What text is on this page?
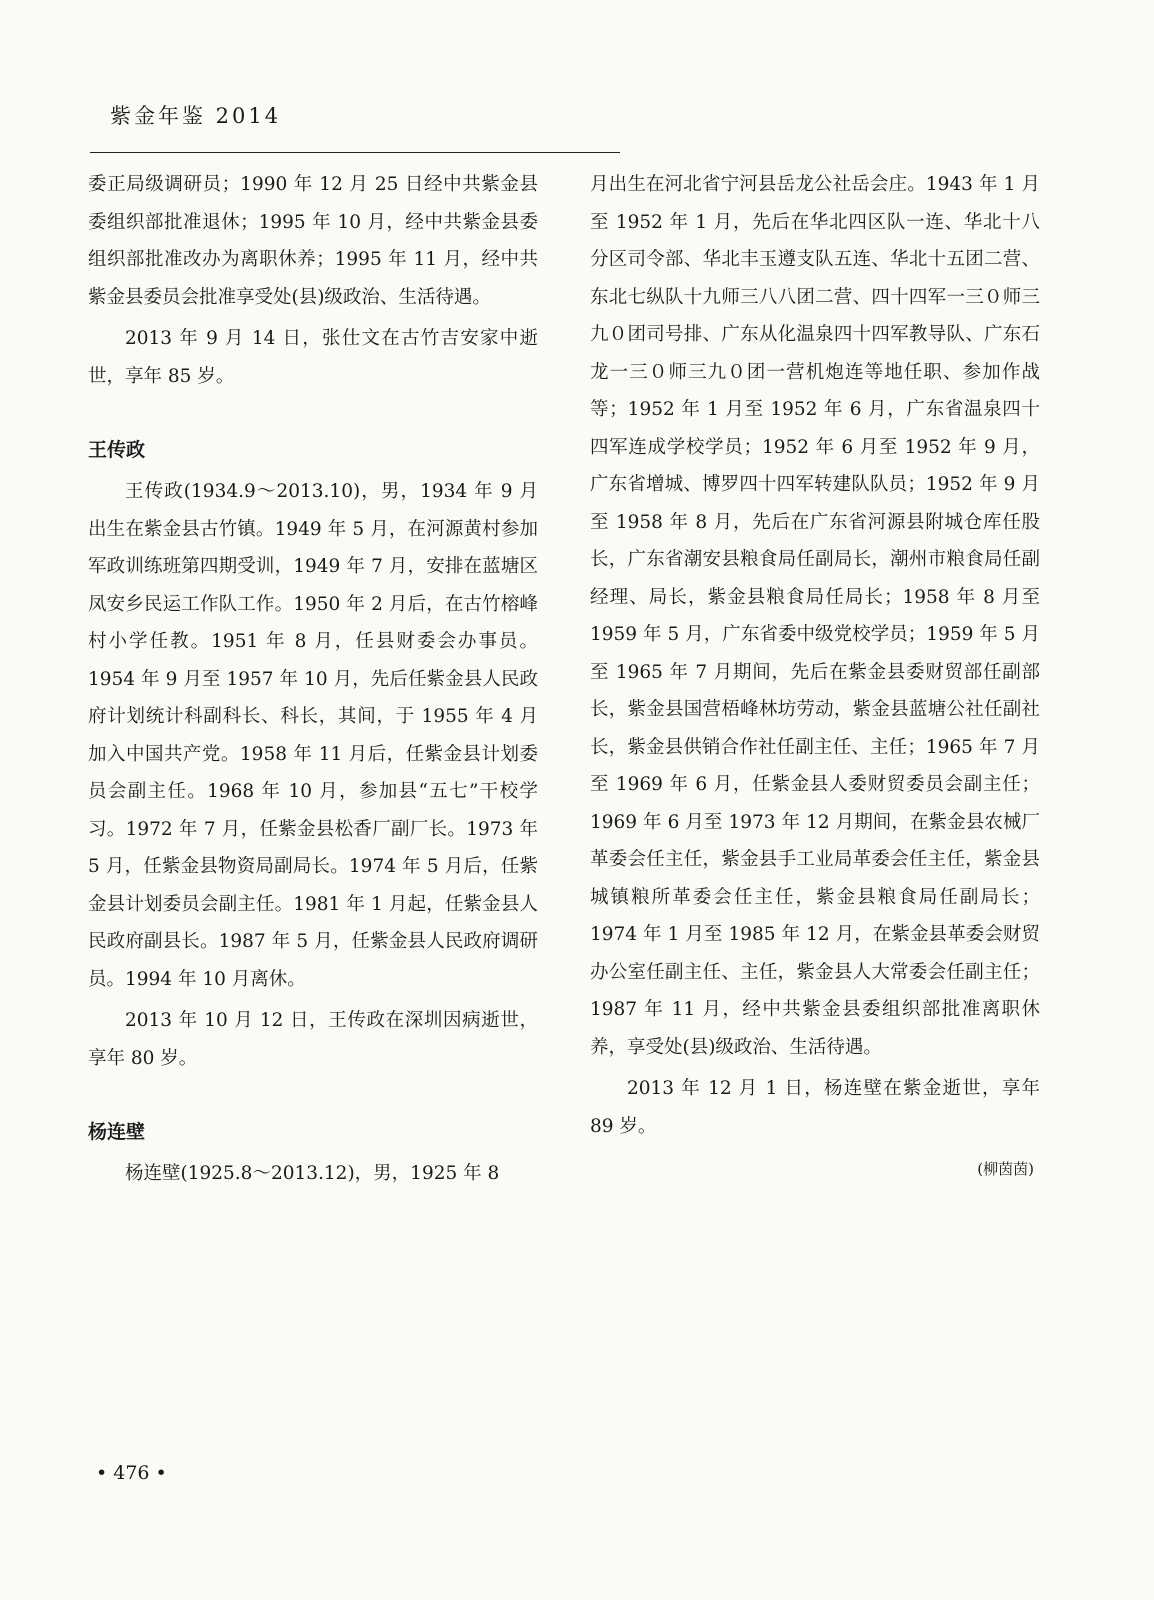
紫金年鉴 2014

委正局级调研员；1990 年 12 月 25 日经中共紫金县委组织部批准退休；1995 年 10 月，经中共紫金县委组织部批准改办为离职休养；1995 年 11 月，经中共紫金县委员会批准享受处(县)级政治、生活待遇。

2013 年 9 月 14 日，张仕文在古竹吉安家中逝世，享年 85 岁。

王传政

王传政(1934.9～2013.10)，男，1934 年 9 月出生在紫金县古竹镇。1949 年 5 月，在河源黄村参加军政训练班第四期受训，1949 年 7 月，安排在蓝塘区凤安乡民运工作队工作。1950 年 2 月后，在古竹榕峰村小学任教。1951 年 8 月，任县财委会办事员。1954 年 9 月至 1957 年 10 月，先后任紫金县人民政府计划统计科副科长、科长，其间，于 1955 年 4 月加入中国共产党。1958 年 11 月后，任紫金县计划委员会副主任。1968 年 10 月，参加县“五七”干校学习。1972 年 7 月，任紫金县松香厂副厂长。1973 年 5 月，任紫金县物资局副局长。1974 年 5 月后，任紫金县计划委员会副主任。1981 年 1 月起，任紫金县人民政府副县长。1987 年 5 月，任紫金县人民政府调研员。1994 年 10 月离休。

2013 年 10 月 12 日，王传政在深圳因病逝世，享年 80 岁。

杨连壁

杨连壁(1925.8～2013.12)，男，1925 年 8

月出生在河北省宁河县岳龙公社岳会庄。1943 年 1 月至 1952 年 1 月，先后在华北四区队一连、华北十八分区司令部、华北丰玉遵支队五连、华北十五团二营、东北七纵队十九师三八八团二营、四十四军一三０师三九０团司号排、广东从化温泉四十四军教导队、广东石龙一三０师三九０团一营机炮连等地任职、参加作战等；1952 年 1 月至 1952 年 6 月，广东省温泉四十四军连成学校学员；1952 年 6 月至 1952 年 9 月，广东省增城、博罗四十四军转建队队员；1952 年 9 月至 1958 年 8 月，先后在广东省河源县附城仓库任股长，广东省潮安县粮食局任副局长，潮州市粮食局任副经理、局长，紫金县粮食局任局长；1958 年 8 月至 1959 年 5 月，广东省委中级党校学员；1959 年 5 月至 1965 年 7 月期间，先后在紫金县委财贸部任副部长，紫金县国营梧峰林坊劳动，紫金县蓝塘公社任副社长，紫金县供销合作社任副主任、主任；1965 年 7 月至 1969 年 6 月，任紫金县人委财贸委员会副主任；1969 年 6 月至 1973 年 12 月期间，在紫金县农械厂革委会任主任，紫金县手工业局革委会任主任，紫金县城镇粮所革委会任主任，紫金县粮食局任副局长；1974 年 1 月至 1985 年 12 月，在紫金县革委会财贸办公室任副主任、主任，紫金县人大常委会任副主任；1987 年 11 月，经中共紫金县委组织部批准离职休养，享受处(县)级政治、生活待遇。

2013 年 12 月 1 日，杨连壁在紫金逝世，享年 89 岁。

(柳茵茵)

• 476 •
